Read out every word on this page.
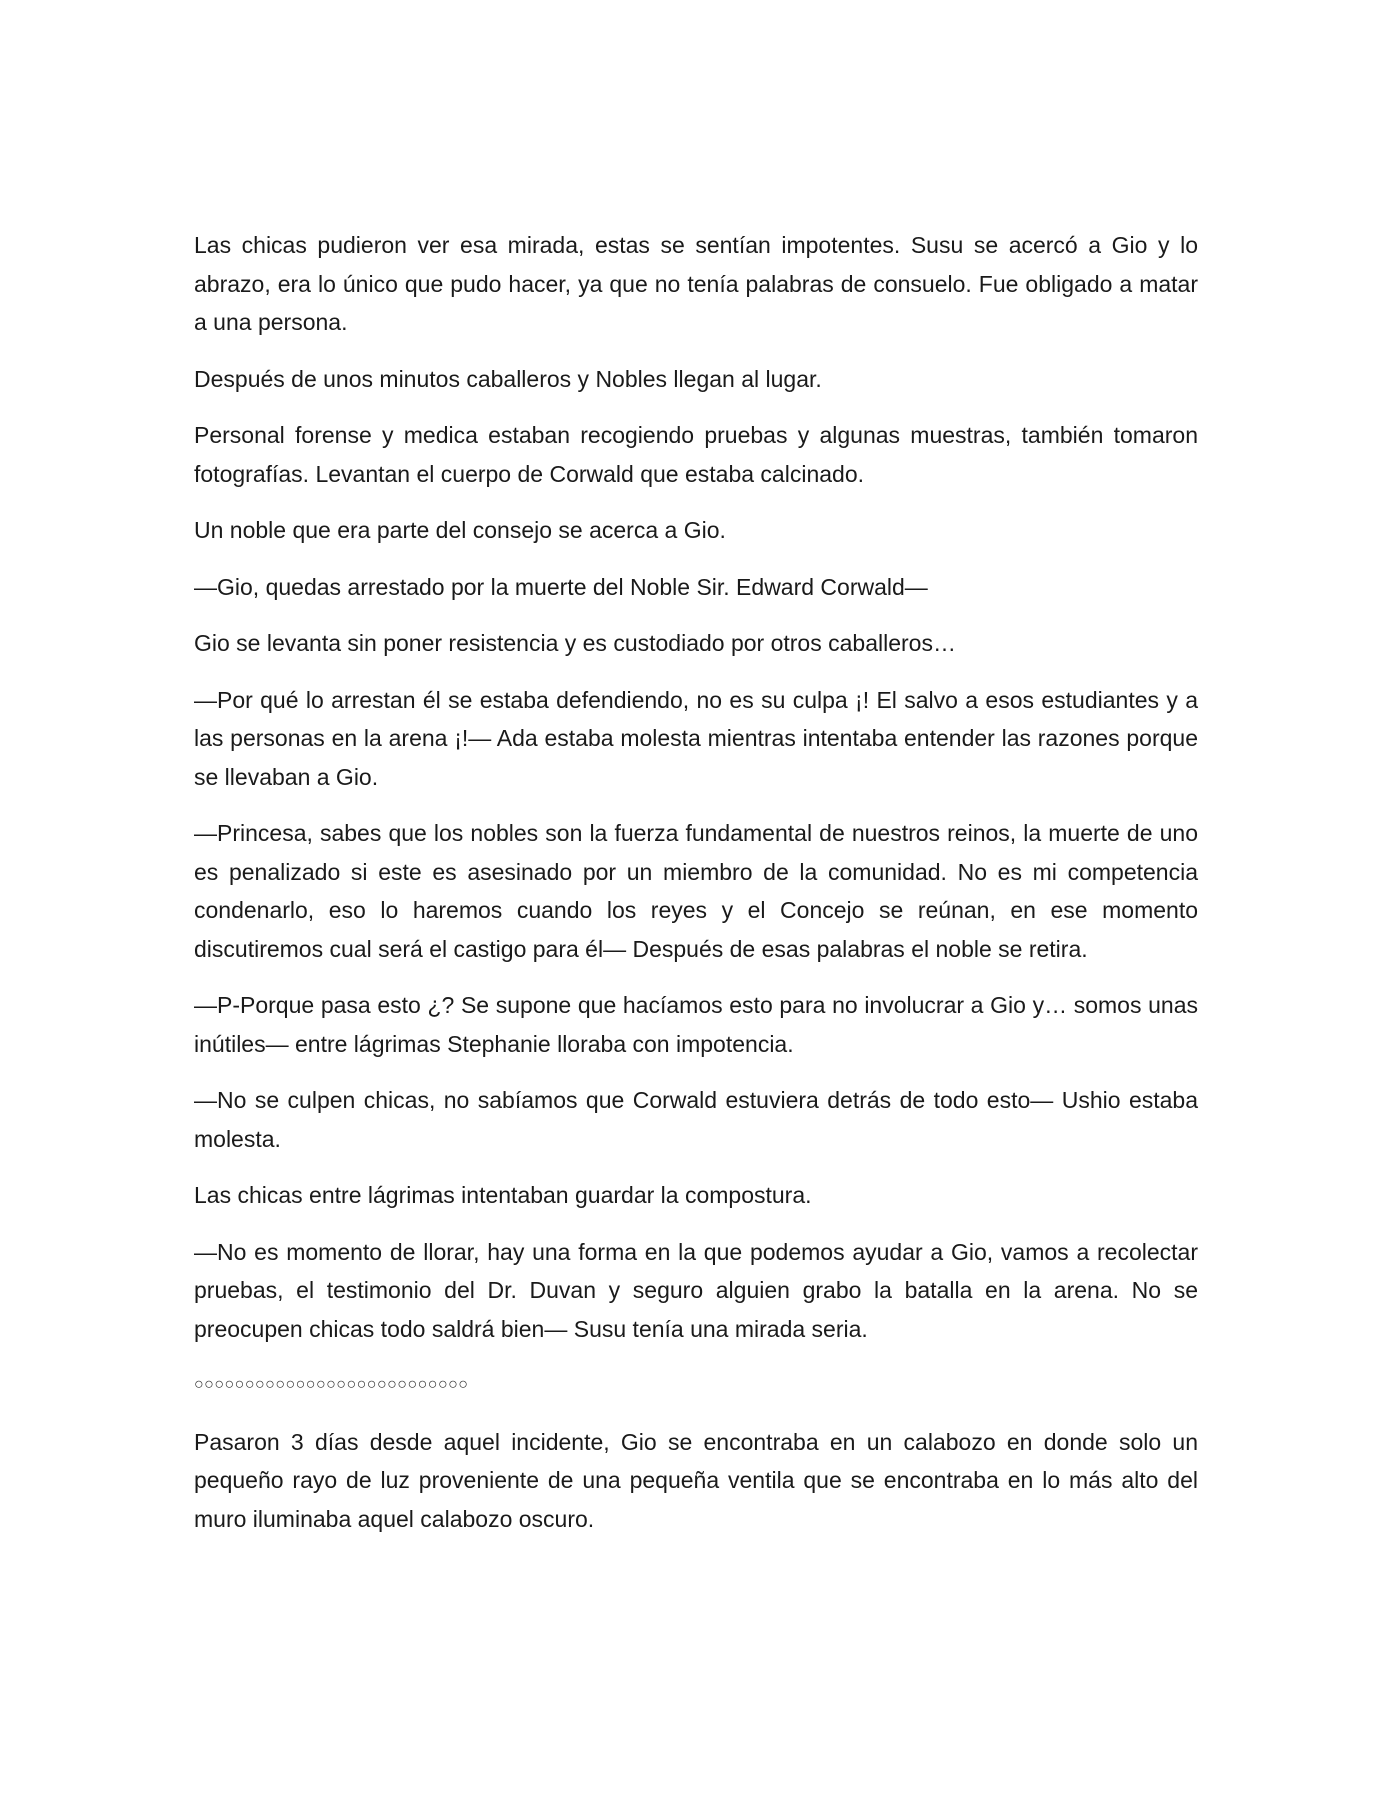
Las chicas pudieron ver esa mirada, estas se sentían impotentes. Susu se acercó a Gio y lo abrazo, era lo único que pudo hacer, ya que no tenía palabras de consuelo. Fue obligado a matar a una persona.

Después de unos minutos caballeros y Nobles llegan al lugar.

Personal forense y medica estaban recogiendo pruebas y algunas muestras, también tomaron fotografías. Levantan el cuerpo de Corwald que estaba calcinado.

Un noble que era parte del consejo se acerca a Gio.

—Gio, quedas arrestado por la muerte del Noble Sir. Edward Corwald—

Gio se levanta sin poner resistencia y es custodiado por otros caballeros…

—Por qué lo arrestan él se estaba defendiendo, no es su culpa ¡! El salvo a esos estudiantes y a las personas en la arena ¡!— Ada estaba molesta mientras intentaba entender las razones porque se llevaban a Gio.

—Princesa, sabes que los nobles son la fuerza fundamental de nuestros reinos, la muerte de uno es penalizado si este es asesinado por un miembro de la comunidad. No es mi competencia condenarlo, eso lo haremos cuando los reyes y el Concejo se reúnan, en ese momento discutiremos cual será el castigo para él— Después de esas palabras el noble se retira.

—P-Porque pasa esto ¿? Se supone que hacíamos esto para no involucrar a Gio y… somos unas inútiles— entre lágrimas Stephanie lloraba con impotencia.

—No se culpen chicas, no sabíamos que Corwald estuviera detrás de todo esto— Ushio estaba molesta.

Las chicas entre lágrimas intentaban guardar la compostura.

—No es momento de llorar, hay una forma en la que podemos ayudar a Gio, vamos a recolectar pruebas, el testimonio del Dr. Duvan y seguro alguien grabo la batalla en la arena. No se preocupen chicas todo saldrá bien— Susu tenía una mirada seria.

○○○○○○○○○○○○○○○○○○○○○○○○○○○

Pasaron 3 días desde aquel incidente, Gio se encontraba en un calabozo en donde solo un pequeño rayo de luz proveniente de una pequeña ventila que se encontraba en lo más alto del muro iluminaba aquel calabozo oscuro.
